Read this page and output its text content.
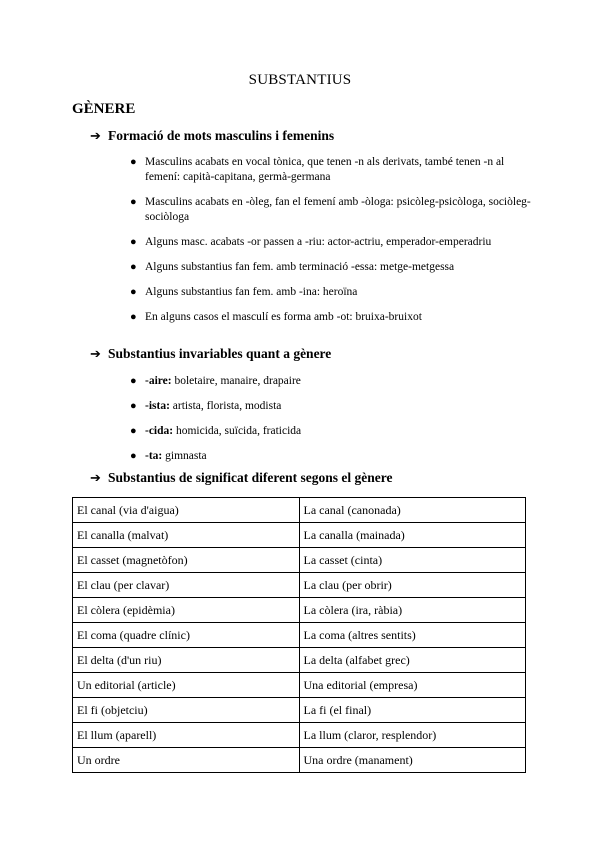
SUBSTANTIUS
GÈNERE
➔ Formació de mots masculins i femenins
● Masculins acabats en vocal tònica, que tenen -n als derivats, també tenen -n al femení: capità-capitana, germà-germana
● Masculins acabats en -òleg, fan el femení amb -òloga: psicòleg-psicòloga, sociòleg-sociòloga
● Alguns masc. acabats -or passen a -riu: actor-actriu, emperador-emperadriu
● Alguns substantius fan fem. amb terminació -essa: metge-metgessa
● Alguns substantius fan fem. amb -ina: heroïna
● En alguns casos el masculí es forma amb -ot: bruixa-bruixot
➔ Substantius invariables quant a gènere
● -aire: boletaire, manaire, drapaire
● -ista: artista, florista, modista
● -cida: homicida, suïcida, fraticida
● -ta: gimnasta
➔ Substantius de significat diferent segons el gènere
El canal (via d'aigua)	La canal (canonada)
El canalla (malvat)	La canalla (mainada)
El casset (magnetòfon)	La casset (cinta)
El clau (per clavar)	La clau (per obrir)
El còlera (epidèmia)	La còlera (ira, ràbia)
El coma (quadre clínic)	La coma (altres sentits)
El delta (d'un riu)	La delta (alfabet grec)
Un editorial (article)	Una editorial (empresa)
El fi (objetciu)	La fi (el final)
El llum (aparell)	La llum (claror, resplendor)
Un ordre	Una ordre (manament)
